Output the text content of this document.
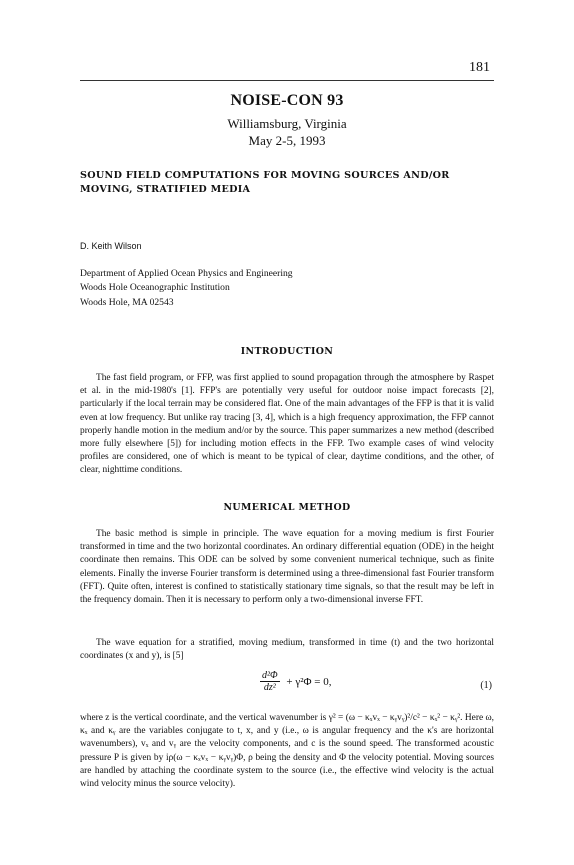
181
NOISE-CON 93
Williamsburg, Virginia
May 2-5, 1993
SOUND FIELD COMPUTATIONS FOR MOVING SOURCES AND/OR MOVING, STRATIFIED MEDIA
D. Keith Wilson
Department of Applied Ocean Physics and Engineering
Woods Hole Oceanographic Institution
Woods Hole, MA 02543
INTRODUCTION

The fast field program, or FFP, was first applied to sound propagation through the atmosphere by Raspet et al. in the mid-1980's [1]. FFP's are potentially very useful for outdoor noise impact forecasts [2], particularly if the local terrain may be considered flat. One of the main advantages of the FFP is that it is valid even at low frequency. But unlike ray tracing [3, 4], which is a high frequency approximation, the FFP cannot properly handle motion in the medium and/or by the source. This paper summarizes a new method (described more fully elsewhere [5]) for including motion effects in the FFP. Two example cases of wind velocity profiles are considered, one of which is meant to be typical of clear, daytime conditions, and the other, of clear, nighttime conditions.

NUMERICAL METHOD

The basic method is simple in principle. The wave equation for a moving medium is first Fourier transformed in time and the two horizontal coordinates. An ordinary differential equation (ODE) in the height coordinate then remains. This ODE can be solved by some convenient numerical technique, such as finite elements. Finally the inverse Fourier transform is determined using a three-dimensional fast Fourier transform (FFT). Quite often, interest is confined to statistically stationary time signals, so that the result may be left in the frequency domain. Then it is necessary to perform only a two-dimensional inverse FFT.

The wave equation for a stratified, moving medium, transformed in time (t) and the two horizontal coordinates (x and y), is [5]

$\frac{\text{d²Φ}}{\text{dz²}} + \gamma^2\Phi = 0$,	(1)

where z is the vertical coordinate, and the vertical wavenumber is γ² = (ω − κₓvₓ − κᵧvᵧ)²/c² − κₓ² − κᵧ². Here ω, κₓ and κᵧ are the variables conjugate to t, x, and y (i.e., ω is angular frequency and the κ's are horizontal wavenumbers), vₓ and vᵧ are the velocity components, and c is the sound speed. The transformed acoustic pressure P is given by iρ(ω − κₓvₓ − κᵧvᵧ)Φ, ρ being the density and Φ the velocity potential. Moving sources are handled by attaching the coordinate system to the source (i.e., the effective wind velocity is the actual wind velocity minus the source velocity).
